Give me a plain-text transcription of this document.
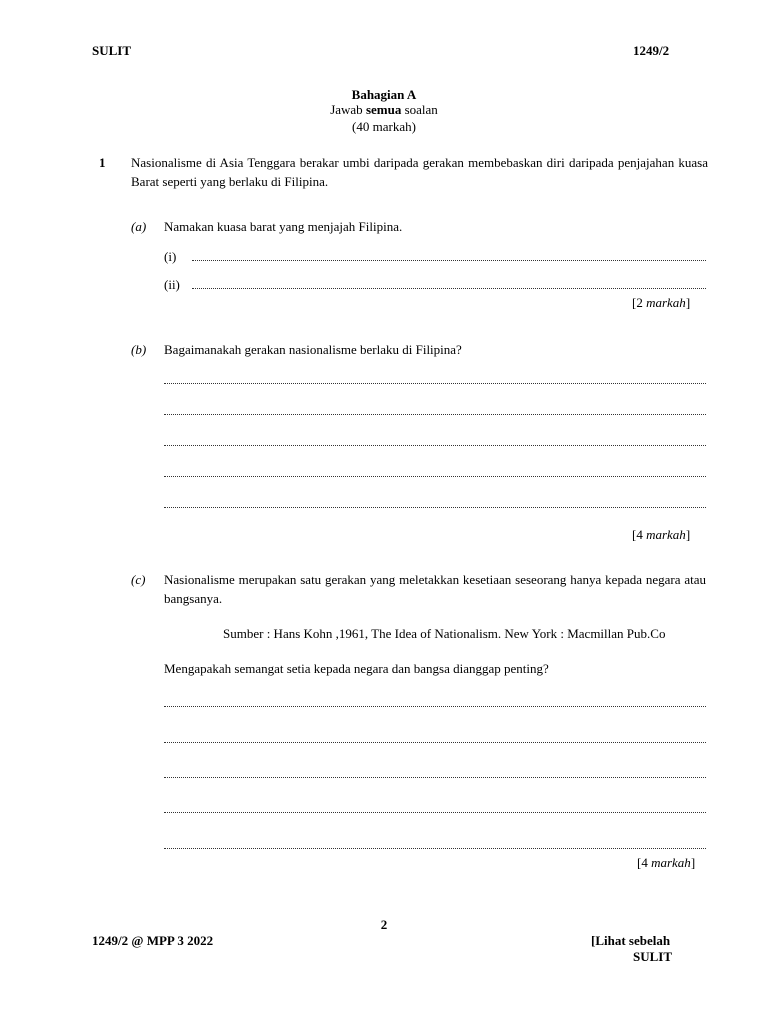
SULIT	1249/2
Bahagian A
Jawab semua soalan
(40 markah)
1 Nasionalisme di Asia Tenggara berakar umbi daripada gerakan membebaskan diri daripada penjajahan kuasa Barat seperti yang berlaku di Filipina.
(a) Namakan kuasa barat yang menjajah Filipina.
(i)
(ii)
[2 markah]
(b) Bagaimanakah gerakan nasionalisme berlaku di Filipina?
[4 markah]
(c) Nasionalisme merupakan satu gerakan yang meletakkan kesetiaan seseorang hanya kepada negara atau bangsanya.
Sumber : Hans Kohn ,1961, The Idea of Nationalism. New York : Macmillan Pub.Co
Mengapakah semangat setia kepada negara dan bangsa dianggap penting?
[4 markah]
2
1249/2 @ MPP 3 2022	[Lihat sebelah
SULIT
